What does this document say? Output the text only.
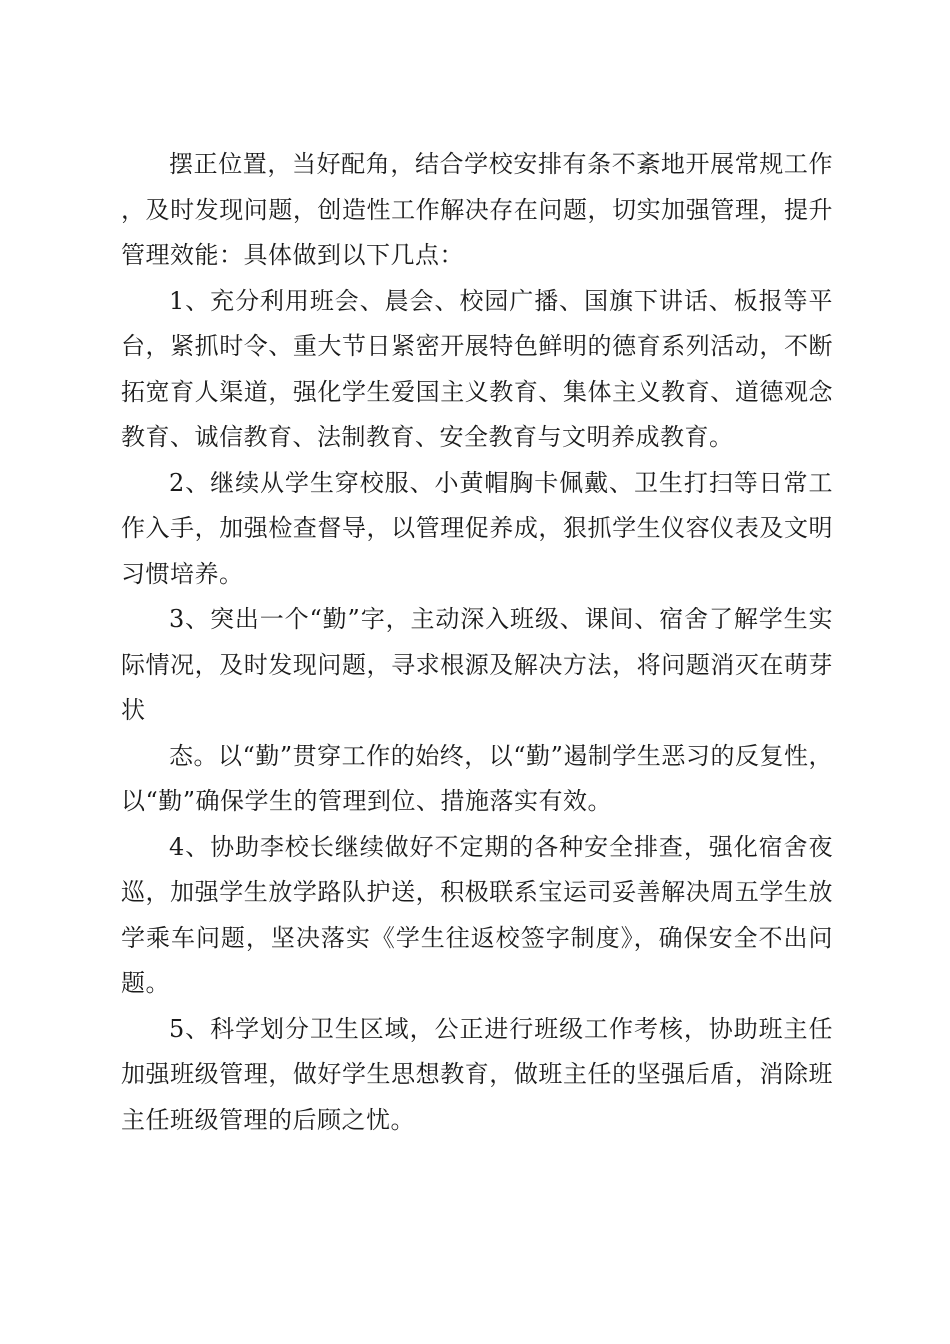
摆正位置，当好配角，结合学校安排有条不紊地开展常规工作，及时发现问题，创造性工作解决存在问题，切实加强管理，提升管理效能：具体做到以下几点：

1、充分利用班会、晨会、校园广播、国旗下讲话、板报等平台，紧抓时令、重大节日紧密开展特色鲜明的德育系列活动，不断拓宽育人渠道，强化学生爱国主义教育、集体主义教育、道德观念教育、诚信教育、法制教育、安全教育与文明养成教育。

2、继续从学生穿校服、小黄帽胸卡佩戴、卫生打扫等日常工作入手，加强检查督导，以管理促养成，狠抓学生仪容仪表及文明习惯培养。

3、突出一个“勤”字，主动深入班级、课间、宿舍了解学生实际情况，及时发现问题，寻求根源及解决方法，将问题消灭在萌芽状

态。以“勤”贯穿工作的始终，以“勤”遏制学生恶习的反复性，以“勤”确保学生的管理到位、措施落实有效。

4、协助李校长继续做好不定期的各种安全排查，强化宿舍夜巡，加强学生放学路队护送，积极联系宝运司妥善解决周五学生放学乘车问题，坚决落实《学生往返校签字制度》，确保安全不出问题。

5、科学划分卫生区域，公正进行班级工作考核，协助班主任加强班级管理，做好学生思想教育，做班主任的坚强后盾，消除班主任班级管理的后顾之忧。
